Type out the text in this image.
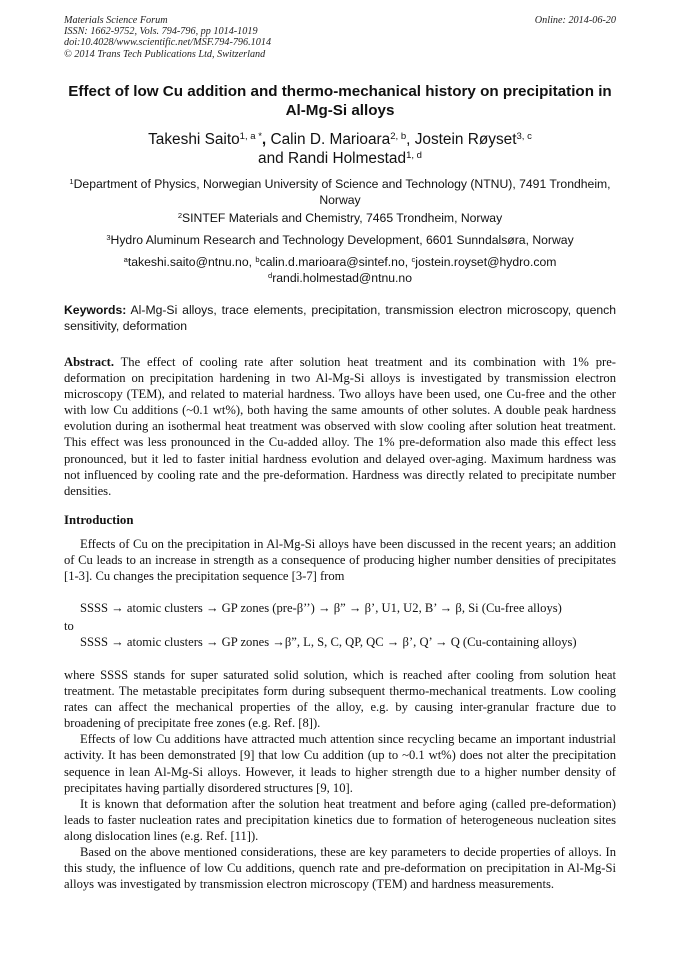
Materials Science Forum
ISSN: 1662-9752, Vols. 794-796, pp 1014-1019
doi:10.4028/www.scientific.net/MSF.794-796.1014
© 2014 Trans Tech Publications Ltd, Switzerland
Online: 2014-06-20
Effect of low Cu addition and thermo-mechanical history on precipitation in Al-Mg-Si alloys
Takeshi Saito$^{1, a *}$, Calin D. Marioara$^{2, b}$, Jostein Røyset$^{3, c}$
and Randi Holmestad$^{1, d}$
$^1$Department of Physics, Norwegian University of Science and Technology (NTNU), 7491 Trondheim, Norway
$^2$SINTEF Materials and Chemistry, 7465 Trondheim, Norway
$^3$Hydro Aluminum Research and Technology Development, 6601 Sunndalsøra, Norway
$^a$takeshi.saito@ntnu.no, $^b$calin.d.marioara@sintef.no, $^c$jostein.royset@hydro.com
$^d$randi.holmestad@ntnu.no
Keywords: Al-Mg-Si alloys, trace elements, precipitation, transmission electron microscopy, quench sensitivity, deformation
Abstract. The effect of cooling rate after solution heat treatment and its combination with 1% pre-deformation on precipitation hardening in two Al-Mg-Si alloys is investigated by transmission electron microscopy (TEM), and related to material hardness. Two alloys have been used, one Cu-free and the other with low Cu additions (~0.1 wt%), both having the same amounts of other solutes. A double peak hardness evolution during an isothermal heat treatment was observed with slow cooling after solution heat treatment. This effect was less pronounced in the Cu-added alloy. The 1% pre-deformation also made this effect less pronounced, but it led to faster initial hardness evolution and delayed over-aging. Maximum hardness was not influenced by cooling rate and the pre-deformation. Hardness was directly related to precipitate number densities.
Introduction
Effects of Cu on the precipitation in Al-Mg-Si alloys have been discussed in the recent years; an addition of Cu leads to an increase in strength as a consequence of producing higher number densities of precipitates [1-3]. Cu changes the precipitation sequence [3-7] from
SSSS → atomic clusters → GP zones (pre-β’’) → β” → β’, U1, U2, B’ → β, Si (Cu-free alloys)
to
SSSS → atomic clusters → GP zones →β”, L, S, C, QP, QC → β’, Q’ → Q (Cu-containing alloys)

where SSSS stands for super saturated solid solution, which is reached after cooling from solution heat treatment. The metastable precipitates form during subsequent thermo-mechanical treatments. Low cooling rates can affect the mechanical properties of the alloy, e.g. by causing inter-granular fracture due to broadening of precipitate free zones (e.g. Ref. [8]).

Effects of low Cu additions have attracted much attention since recycling became an important industrial activity. It has been demonstrated [9] that low Cu addition (up to ~0.1 wt%) does not alter the precipitation sequence in lean Al-Mg-Si alloys. However, it leads to higher strength due to a higher number density of precipitates having partially disordered structures [9, 10].

It is known that deformation after the solution heat treatment and before aging (called pre-deformation) leads to faster nucleation rates and precipitation kinetics due to formation of heterogeneous nucleation sites along dislocation lines (e.g. Ref. [11]).

Based on the above mentioned considerations, these are key parameters to decide properties of alloys. In this study, the influence of low Cu additions, quench rate and pre-deformation on precipitation in Al-Mg-Si alloys was investigated by transmission electron microscopy (TEM) and hardness measurements.
